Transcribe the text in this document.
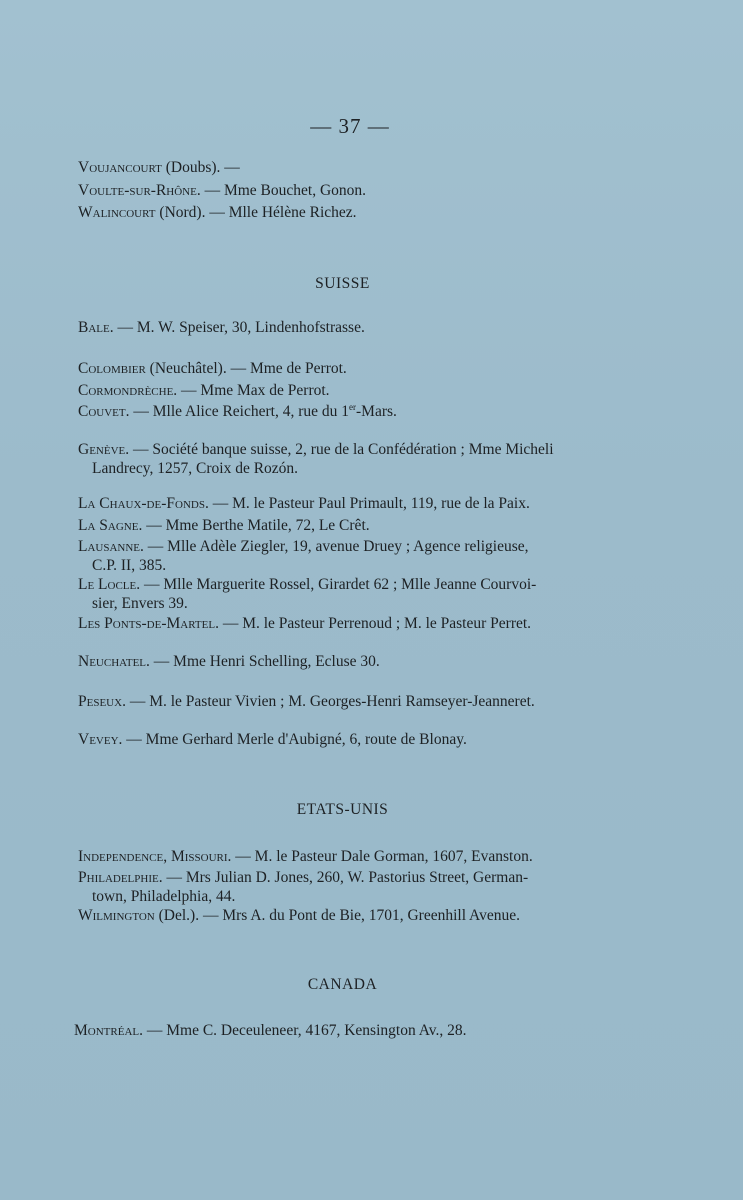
— 37 —
Voujancourt (Doubs). —
Voulte-sur-Rhône. — Mme Bouchet, Gonon.
Walincourt (Nord). — Mlle Hélène Richez.
SUISSE
Bale. — M. W. Speiser, 30, Lindenhofstrasse.
Colombier (Neuchâtel). — Mme de Perrot.
Cormondrèche. — Mme Max de Perrot.
Couvet. — Mlle Alice Reichert, 4, rue du 1er-Mars.
Genève. — Société banque suisse, 2, rue de la Confédération ; Mme Micheli
Landrecy, 1257, Croix de Rozón.
La Chaux-de-Fonds. — M. le Pasteur Paul Primault, 119, rue de la Paix.
La Sagne. — Mme Berthe Matile, 72, Le Crêt.
Lausanne. — Mlle Adèle Ziegler, 19, avenue Druey ; Agence religieuse,
C.P. II, 385.
Le Locle. — Mlle Marguerite Rossel, Girardet 62 ; Mlle Jeanne Courvoi-
sier, Envers 39.
Les Ponts-de-Martel. — M. le Pasteur Perrenoud ; M. le Pasteur Perret.
Neuchatel. — Mme Henri Schelling, Ecluse 30.
Peseux. — M. le Pasteur Vivien ; M. Georges-Henri Ramseyer-Jeanneret.
Vevey. — Mme Gerhard Merle d'Aubigné, 6, route de Blonay.
ETATS-UNIS
Independence, Missouri. — M. le Pasteur Dale Gorman, 1607, Evanston.
Philadelphie. — Mrs Julian D. Jones, 260, W. Pastorius Street, German-
town, Philadelphia, 44.
Wilmington (Del.). — Mrs A. du Pont de Bie, 1701, Greenhill Avenue.
CANADA
Montréal. — Mme C. Deceuleneer, 4167, Kensington Av., 28.
